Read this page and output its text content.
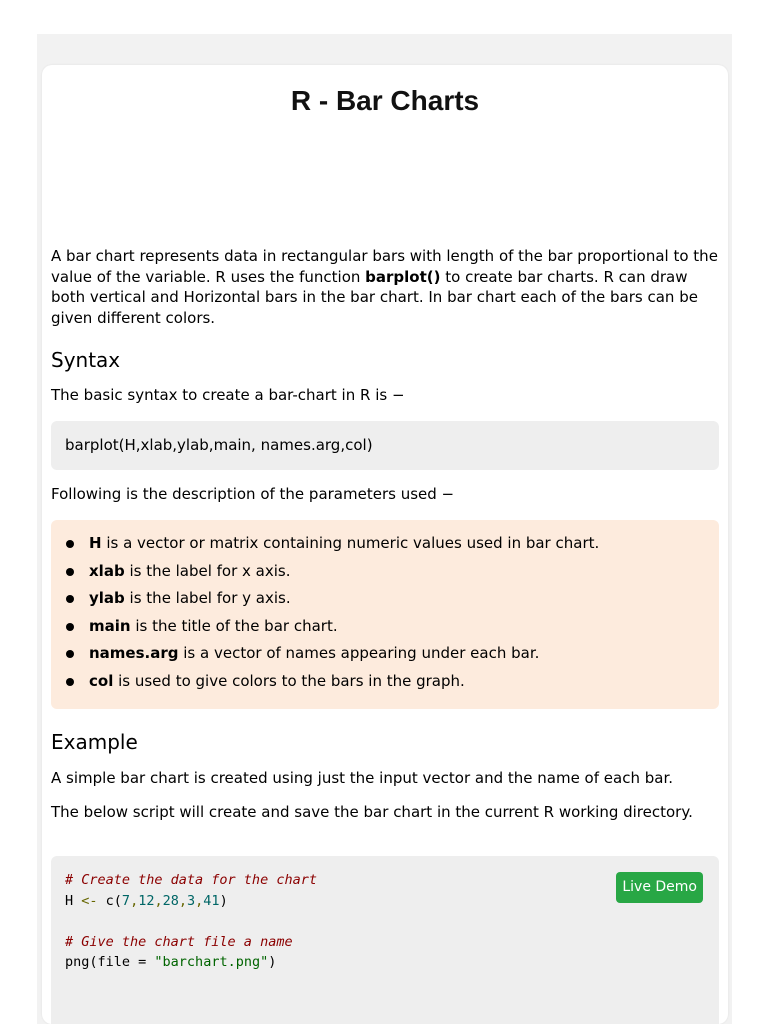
R - Bar Charts

A bar chart represents data in rectangular bars with length of the bar proportional to the value of the variable. R uses the function barplot() to create bar charts. R can draw both vertical and Horizontal bars in the bar chart. In bar chart each of the bars can be given different colors.

Syntax

The basic syntax to create a bar-chart in R is −

barplot(H,xlab,ylab,main, names.arg,col)

Following is the description of the parameters used −

H is a vector or matrix containing numeric values used in bar chart.
xlab is the label for x axis.
ylab is the label for y axis.
main is the title of the bar chart.
names.arg is a vector of names appearing under each bar.
col is used to give colors to the bars in the graph.
Example

A simple bar chart is created using just the input vector and the name of each bar.

The below script will create and save the bar chart in the current R working directory.

Live Demo
# Create the data for the chart
H <- c(7,12,28,3,41)

# Give the chart file a name
png(file = "barchart.png")
